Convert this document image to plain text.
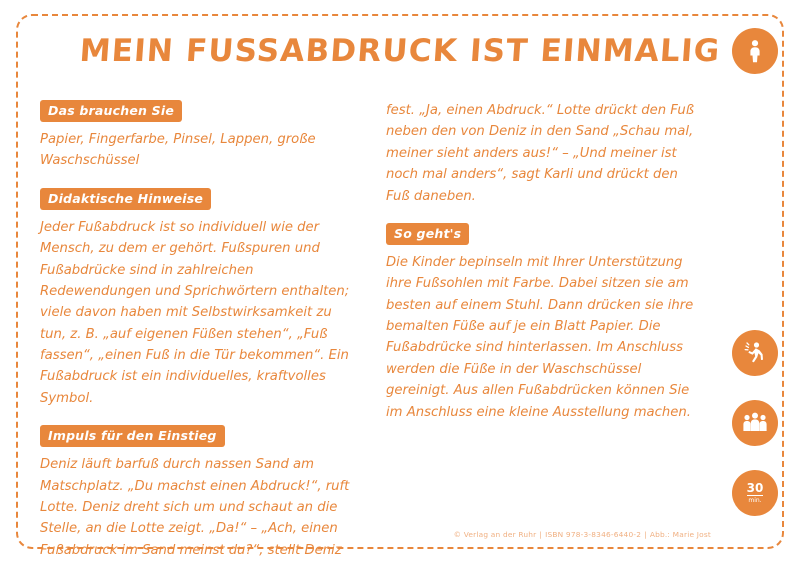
MEIN FUSSABDRUCK IST EINMALIG
Das brauchen Sie

Papier, Fingerfarbe, Pinsel, Lappen, große Waschschüssel

Didaktische Hinweise

Jeder Fußabdruck ist so individuell wie der Mensch, zu dem er gehört. Fußspuren und Fußabdrücke sind in zahlreichen Redewendungen und Sprichwörtern enthalten; viele davon haben mit Selbstwirksamkeit zu tun, z. B. „auf eigenen Füßen stehen“, „Fuß fassen“, „einen Fuß in die Tür bekommen“. Ein Fußabdruck ist ein individuelles, kraftvolles Symbol.

Impuls für den Einstieg

Deniz läuft barfuß durch nassen Sand am Matschplatz. „Du machst einen Abdruck!“, ruft Lotte. Deniz dreht sich um und schaut an die Stelle, an die Lotte zeigt. „Da!“ – „Ach, einen Fußabdruck im Sand meinst du?“, stellt Deniz

fest. „Ja, einen Abdruck.“ Lotte drückt den Fuß neben den von Deniz in den Sand „Schau mal, meiner sieht anders aus!“ – „Und meiner ist noch mal anders“, sagt Karli und drückt den Fuß daneben.

So geht's

Die Kinder bepinseln mit Ihrer Unterstützung ihre Fußsohlen mit Farbe. Dabei sitzen sie am besten auf einem Stuhl. Dann drücken sie ihre bemalten Füße auf je ein Blatt Papier. Die Fußabdrücke sind hinterlassen. Im Anschluss werden die Füße in der Waschschüssel gereinigt. Aus allen Fußabdrücken können Sie im Anschluss eine kleine Ausstellung machen.

30
min.
© Verlag an der Ruhr | ISBN 978-3-8346-6440-2 | Abb.: Marie Jost
